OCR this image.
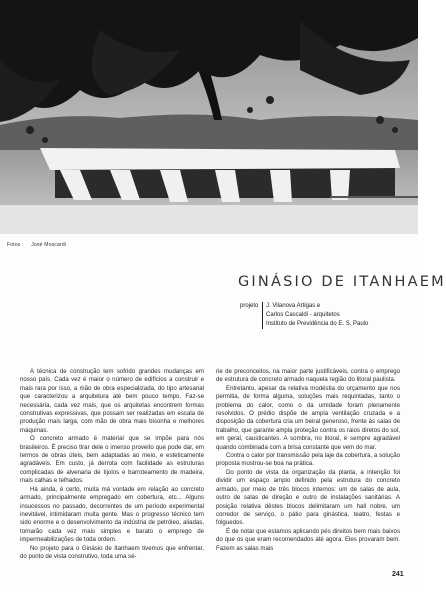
Fotos : José Moscardi
GINÁSIO DE ITANHAEM
projeto	J. Vilanova Artigas e
Carlos Cascaldi - arquitetos
Instituto de Previdência do E. S. Paulo

A técnica de construção tem sofrido grandes mudanças em nosso país. Cada vez é maior o número de edifícios a construir e mais rara por isso, a mão de obra especializada, do tipo artesanal que caracterizou a arquitetura até bem pouco tempo. Faz-se necessária, cada vez mais, que os arquitetas encontrem formas construtivas expressivas, que possam ser realizadas em escala de produção mais larga, com mão de obra mais bisonha e melhores máquinas.

O concreto armado é material que se impõe para nós brasileiros. É preciso tirar dele o imenso proveito que pode dar, em termos de obras úteis, bem adaptadas ao meio, e esteticamente agradáveis. Em custo, já derrota com facilidade as estruturas complicadas de alvenaria de tijolos e barroteamento de madeira, mais calhas e telhados.

Há ainda, é certo, muita má vontade em relação ao concreto armado, principalmente empregado em cobertura, etc... Alguns insucessos no passado, decorrentes de um período experimental inevitável, intimidaram muita gente. Mas o progresso técnico tem sido enorme e o desenvolvimento da indústria de petróleo, aliadas, tornarão cada vez mais simples e barato o emprego de impermeabilizações de toda ordem.

No projeto para o Ginásio de Itanhaem tivemos que enfrentar, do ponto de vista construtivo, toda uma sé-

rie de preconceitos, na maior parte justificáveis, contra o emprego de estrutura de concreto armado naquela região do litoral paulista.

Entretanto, apesar da relativa modéstia do orçamento que nos permitia, de forma alguma, soluções mais requintadas, tanto o problema do calor, como o da umidade foram plenamente resolvidos. O prédio dispõe de ampla ventilação cruzada e a disposição da cobertura cria um beiral generoso, frente às salas de trabalho, que garante ampla proteção contra os raios diretos do sol, em geral, causticantes. A sombra, no litoral, é sempre agradável quando combinada com a brisa constante que vem do mar.

Contra o calor por transmissão pela laje da cobertura, a solução proposta mostrou-se boa na prática.

Do ponto de vista da organização da planta, a intenção foi dividir um espaço amplo definido pela estrutura do concreto armado, por meio de três blocos internos: um de salas de aula, outro de salas de direção e outro de instalações sanitárias. A posição relativa dêstes blocos delimitaram um hall nobre, um corredor de serviço, o pátio para ginástica, teatro, festas e folguedos.

É de notar que estamos aplicando pés direitos bem mais baixos do que os que eram recomendados até agora. Eles provaram bem. Fazem as salas mais

241
